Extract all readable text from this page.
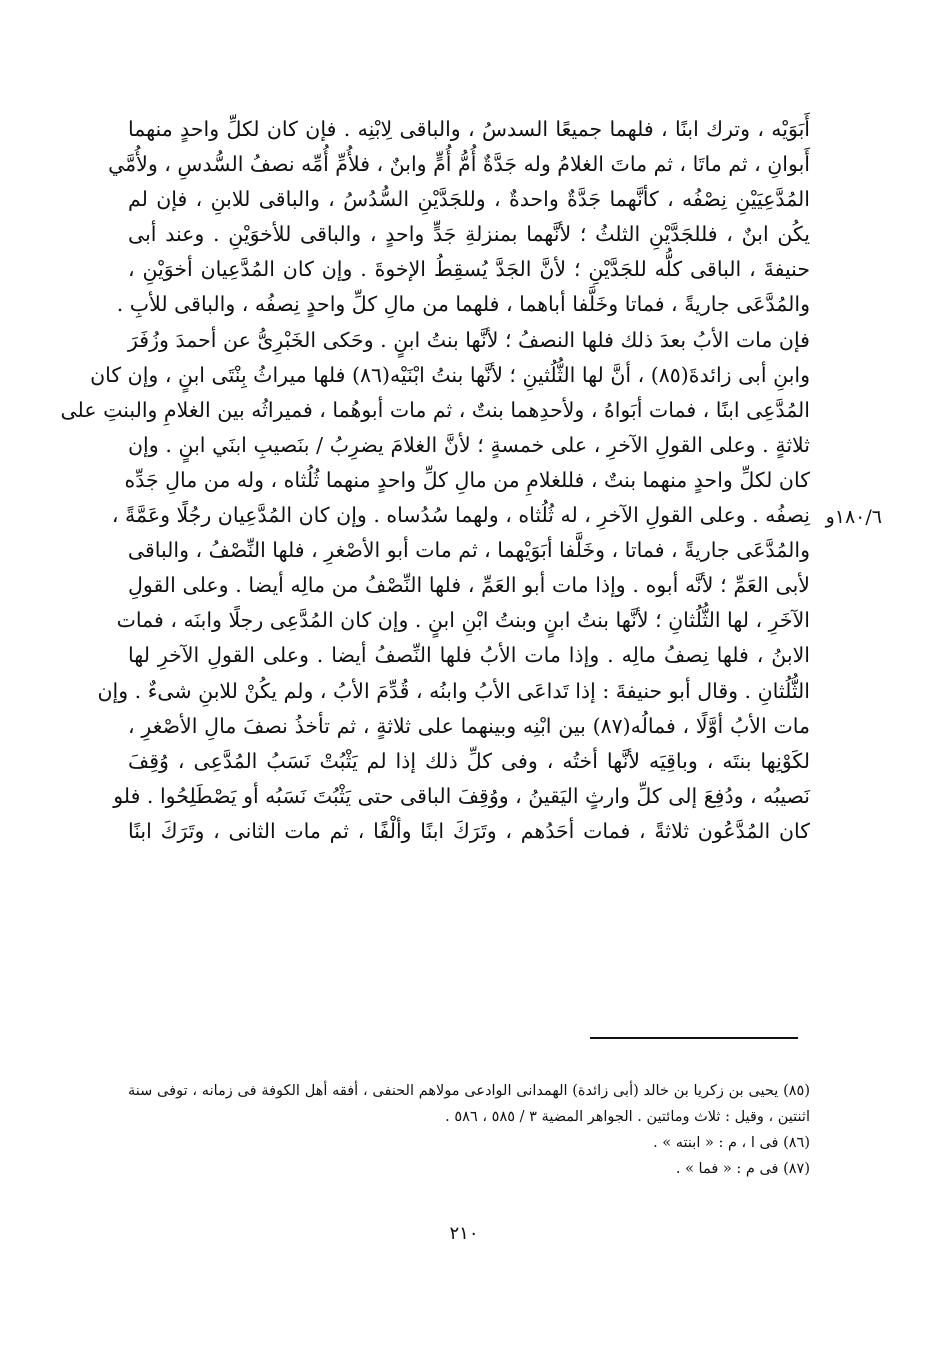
١٨٠/٦و
أَبَوَيْه ، وترك ابنًا ، فلهما جميعًا السدسُ ، والباقى لِابْنِه . فإن كان لكلِّ واحدٍ منهما
أَبوانِ ، ثم ماتَا ، ثم ماتَ الغلامُ وله جَدَّةٌ أُمُّ أُمٍّ وابنٌ ، فلأُمِّ أُمِّه نصفُ السُّدسِ ، ولأُمَّي
المُدَّعِيَيْنِ نِصْفُه ، كأنَّهما جَدَّةٌ واحدةٌ ، وللجَدَّيْنِ السُّدُسُ ، والباقى للابنِ ، فإن لم
يكُن ابنٌ ، فللجَدَّيْنِ الثلثُ ؛ لأنَّهما بمنزلةِ جَدٍّ واحدٍ ، والباقى للأخوَيْنِ . وعند أبى
حنيفةَ ، الباقى كلُّه للجَدَّيْنِ ؛ لأنَّ الجَدَّ يُسقِطُ الإخوةَ . وإن كان المُدَّعِيان أخوَيْنِ ،
والمُدَّعَى جاريةً ، فماتا وخَلَّفا أباهما ، فلهما من مالِ كلِّ واحدٍ نِصفُه ، والباقى للأبِ .
فإن مات الأبُ بعدَ ذلك فلها النصفُ ؛ لأنَّها بنتُ ابنٍ . وحَكى الخَبْرِىُّ عن أحمدَ وزُفَرَ
وابنِ أبى زائدةَ(٨٥) ، أنَّ لها الثُّلُثينِ ؛ لأنَّها بنتُ ابْنَيْه(٨٦) فلها ميراثُ بِنْتَى ابنٍ ، وإن كان
المُدَّعِى ابنًا ، فمات أبَواهُ ، ولأحدِهما بنتٌ ، ثم مات أبوهُما ، فميراثُه بين الغلامِ والبنتِ على
ثلاثةٍ . وعلى القولِ الآخرِ ، على خمسةٍ ؛ لأنَّ الغلامَ يضرِبُ / بنَصيبِ ابنَي ابنٍ . وإن
كان لكلِّ واحدٍ منهما بنتٌ ، فللغلامِ من مالِ كلِّ واحدٍ منهما ثُلُثاه ، وله من مالِ جَدِّه
نِصفُه . وعلى القولِ الآخرِ ، له ثُلُثاه ، ولهما سُدُساه . وإن كان المُدَّعِيان رجُلًا وعَمَّةً ،
والمُدَّعَى جاريةً ، فماتا ، وخَلَّفا أبَوَيْهما ، ثم مات أبو الأصْغرِ ، فلها النِّصْفُ ، والباقى
لأبى العَمِّ ؛ لأنَّه أبوه . وإذا مات أبو العَمِّ ، فلها النِّصْفُ من مالِه أيضا . وعلى القولِ
الآخَرِ ، لها الثُّلُثانِ ؛ لأنَّها بنتُ ابنٍ وبنتُ ابْنِ ابنٍ . وإن كان المُدَّعِى رجلًا وابنَه ، فمات
الابنُ ، فلها نِصفُ مالِه . وإذا مات الأبُ فلها النِّصفُ أيضا . وعلى القولِ الآخرِ لها
الثُّلُثانِ . وقال أبو حنيفةَ : إذا تَداعَى الأبُ وابنُه ، قُدِّمَ الأبُ ، ولم يكُنْ للابنِ شىءٌ . وإن
مات الأبُ أوَّلًا ، فمالُه(٨٧) بين ابْنِه وبينهما على ثلاثةٍ ، ثم تأخذُ نصفَ مالِ الأصْغرِ ،
لكَوْنِها بنتَه ، وباقِيَه لأنَّها أختُه ، وفى كلِّ ذلك إذا لم يَثْبُتْ نَسَبُ المُدَّعِى ، وُقِفَ
نَصيبُه ، ودُفِعَ إلى كلِّ وارثٍ اليَقينُ ، ووُقِفَ الباقى حتى يَثْبُتَ نَسَبُه أو يَصْطَلِحُوا . فلو
كان المُدَّعُون ثلاثةً ، فمات أحَدُهم ، وتَرَكَ ابنًا وألْفًا ، ثم مات الثانى ، وتَرَكَ ابنًا
(٨٥) يحيى بن زكريا بن خالد (أبى زائدة) الهمدانى الوادعى مولاهم الحنفى ، أفقه أهل الكوفة فى زمانه ، توفى سنة
اثنتين ، وقيل : ثلاث ومائتين . الجواهر المضية ٣ / ٥٨٥ ، ٥٨٦ .
(٨٦) فى ا ، م : « ابنته » .
(٨٧) فى م : « فما » .
٢١٠
